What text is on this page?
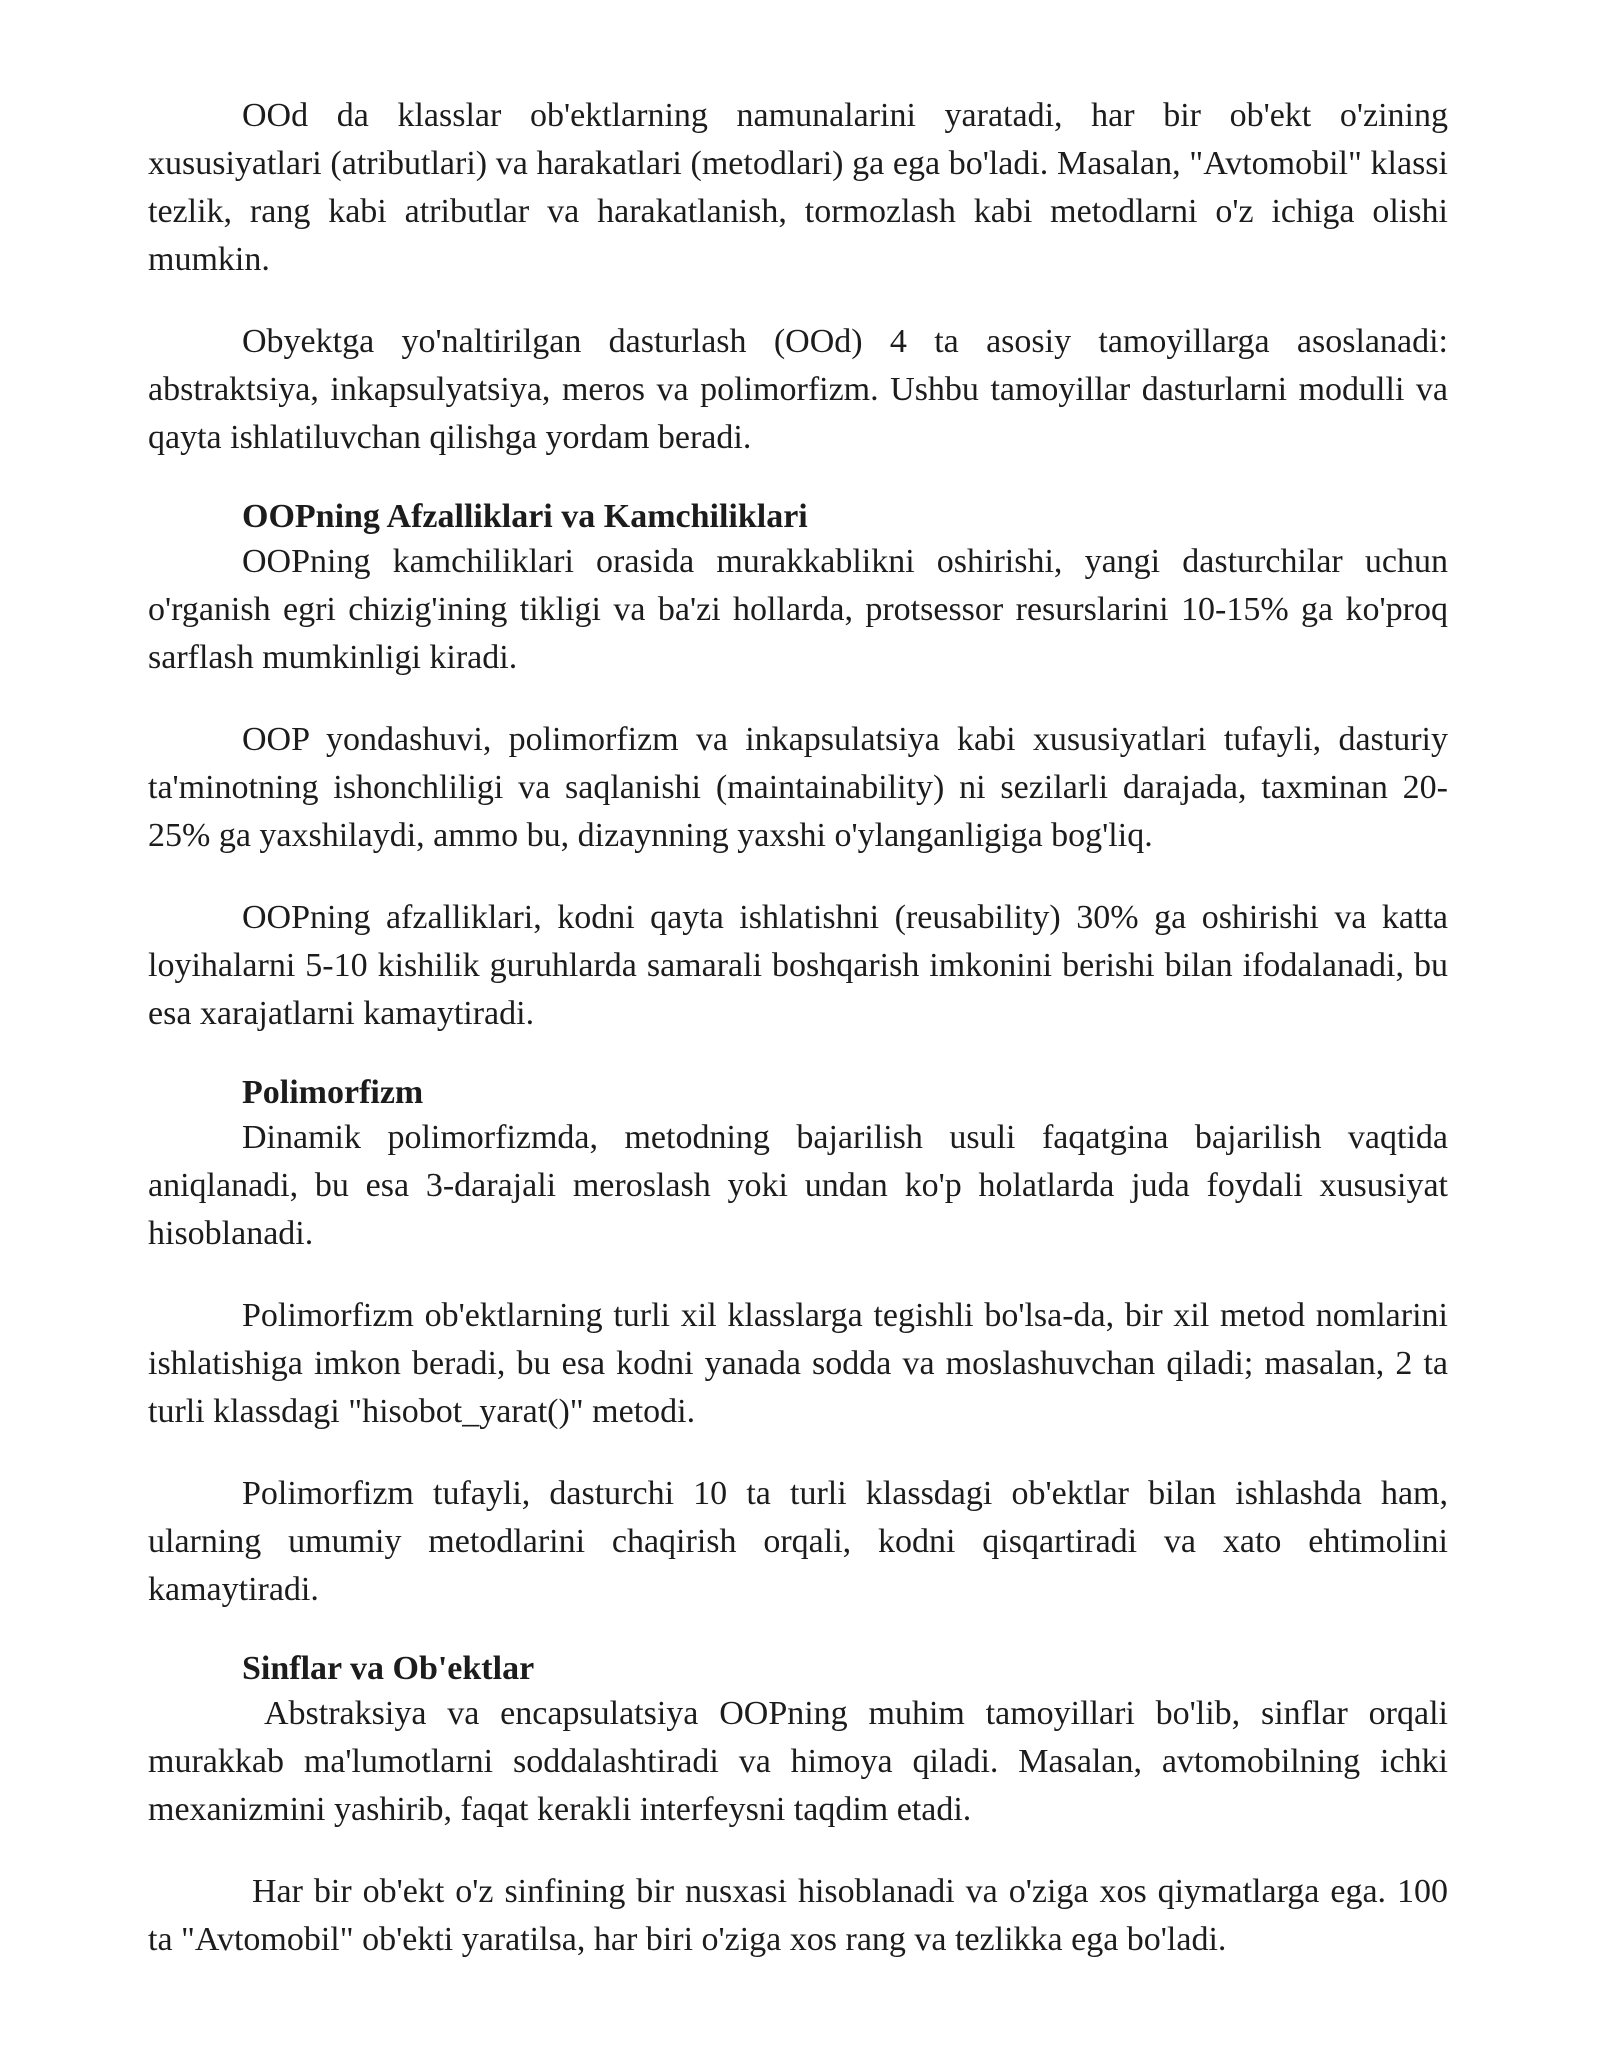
OOd da klasslar ob'ektlarning namunalarini yaratadi, har bir ob'ekt o'zining xususiyatlari (atributlari) va harakatlari (metodlari) ga ega bo'ladi. Masalan, "Avtomobil" klassi tezlik, rang kabi atributlar va harakatlanish, tormozlash kabi metodlarni o'z ichiga olishi mumkin.

Obyektga yo'naltirilgan dasturlash (OOd) 4 ta asosiy tamoyillarga asoslanadi: abstraktsiya, inkapsulyatsiya, meros va polimorfizm. Ushbu tamoyillar dasturlarni modulli va qayta ishlatiluvchan qilishga yordam beradi.

OOPning Afzalliklari va Kamchiliklari

OOPning kamchiliklari orasida murakkablikni oshirishi, yangi dasturchilar uchun o'rganish egri chizig'ining tikligi va ba'zi hollarda, protsessor resurslarini 10-15% ga ko'proq sarflash mumkinligi kiradi.

OOP yondashuvi, polimorfizm va inkapsulatsiya kabi xususiyatlari tufayli, dasturiy ta'minotning ishonchliligi va saqlanishi (maintainability) ni sezilarli darajada, taxminan 20-25% ga yaxshilaydi, ammo bu, dizaynning yaxshi o'ylanganligiga bog'liq.

OOPning afzalliklari, kodni qayta ishlatishni (reusability) 30% ga oshirishi va katta loyihalarni 5-10 kishilik guruhlarda samarali boshqarish imkonini berishi bilan ifodalanadi, bu esa xarajatlarni kamaytiradi.

Polimorfizm

Dinamik polimorfizmda, metodning bajarilish usuli faqatgina bajarilish vaqtida aniqlanadi, bu esa 3-darajali meroslash yoki undan ko'p holatlarda juda foydali xususiyat hisoblanadi.

Polimorfizm ob'ektlarning turli xil klasslarga tegishli bo'lsa-da, bir xil metod nomlarini ishlatishiga imkon beradi, bu esa kodni yanada sodda va moslashuvchan qiladi; masalan, 2 ta turli klassdagi "hisobot_yarat()" metodi.

Polimorfizm tufayli, dasturchi 10 ta turli klassdagi ob'ektlar bilan ishlashda ham, ularning umumiy metodlarini chaqirish orqali, kodni qisqartiradi va xato ehtimolini kamaytiradi.

Sinflar va Ob'ektlar

Abstraksiya va encapsulatsiya OOPning muhim tamoyillari bo'lib, sinflar orqali murakkab ma'lumotlarni soddalashtiradi va himoya qiladi. Masalan, avtomobilning ichki mexanizmini yashirib, faqat kerakli interfeysni taqdim etadi.

Har bir ob'ekt o'z sinfining bir nusxasi hisoblanadi va o'ziga xos qiymatlarga ega. 100 ta "Avtomobil" ob'ekti yaratilsa, har biri o'ziga xos rang va tezlikka ega bo'ladi.
